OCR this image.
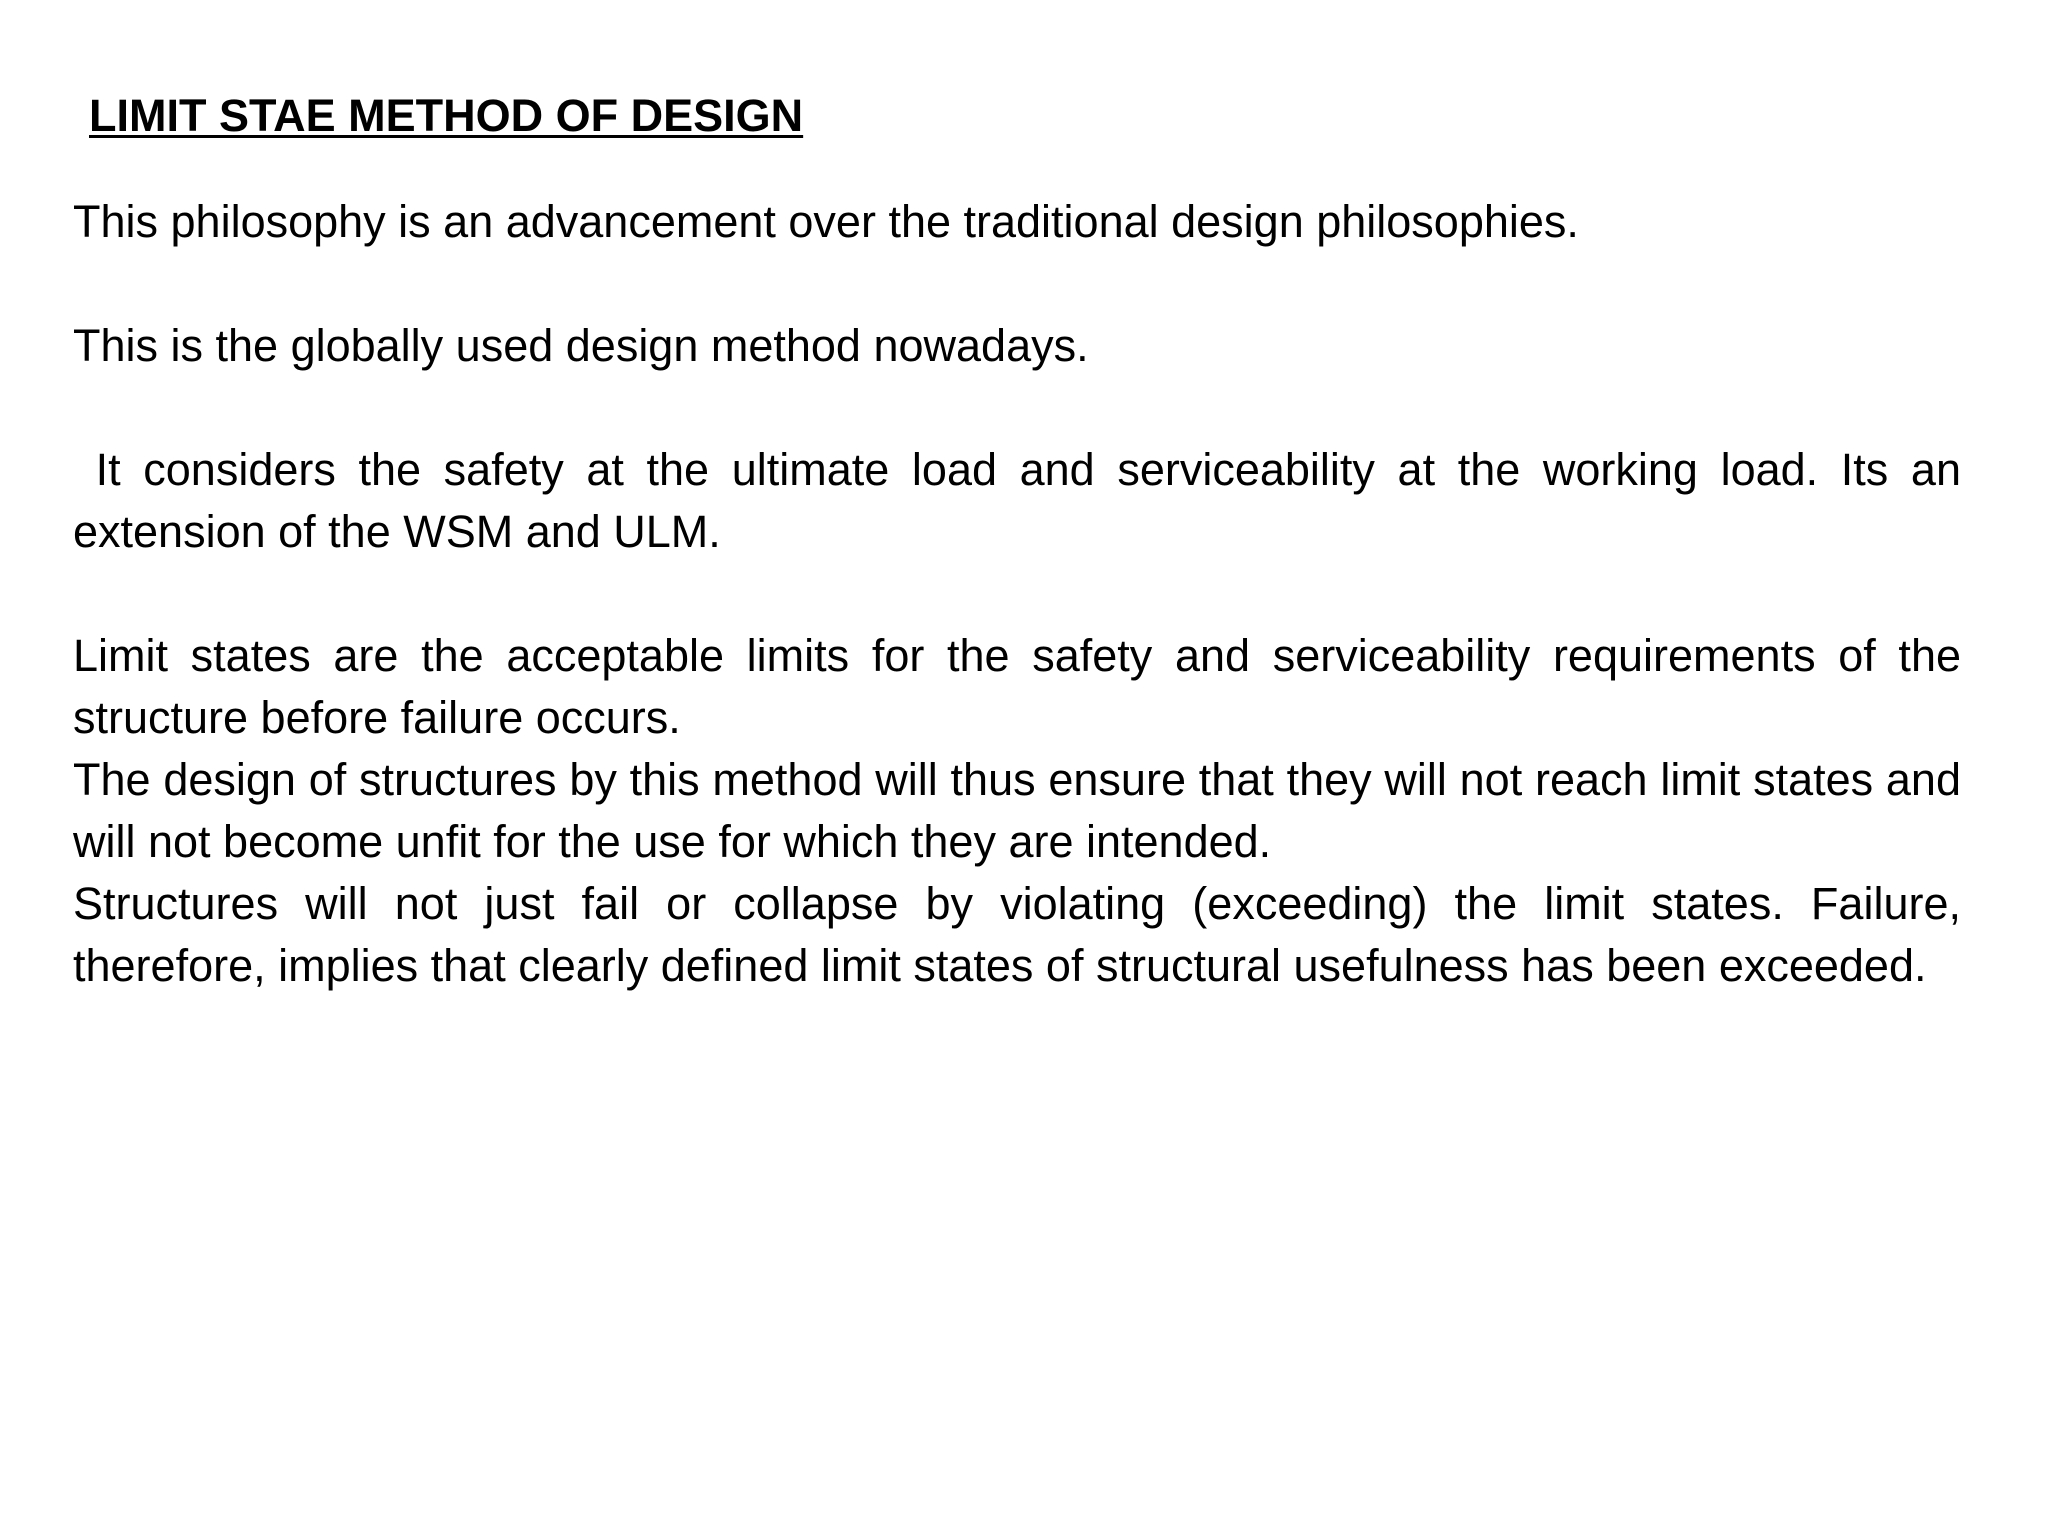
LIMIT STAE METHOD OF DESIGN

This philosophy is an advancement over the traditional design philosophies.

This is the globally used design method nowadays.

It considers the safety at the ultimate load and serviceability at the working load. Its an extension of the WSM and ULM.

Limit states are the acceptable limits for the safety and serviceability requirements of the structure before failure occurs.

The design of structures by this method will thus ensure that they will not reach limit states and will not become unfit for the use for which they are intended.

Structures will not just fail or collapse by violating (exceeding) the limit states. Failure, therefore, implies that clearly defined limit states of structural usefulness has been exceeded.
